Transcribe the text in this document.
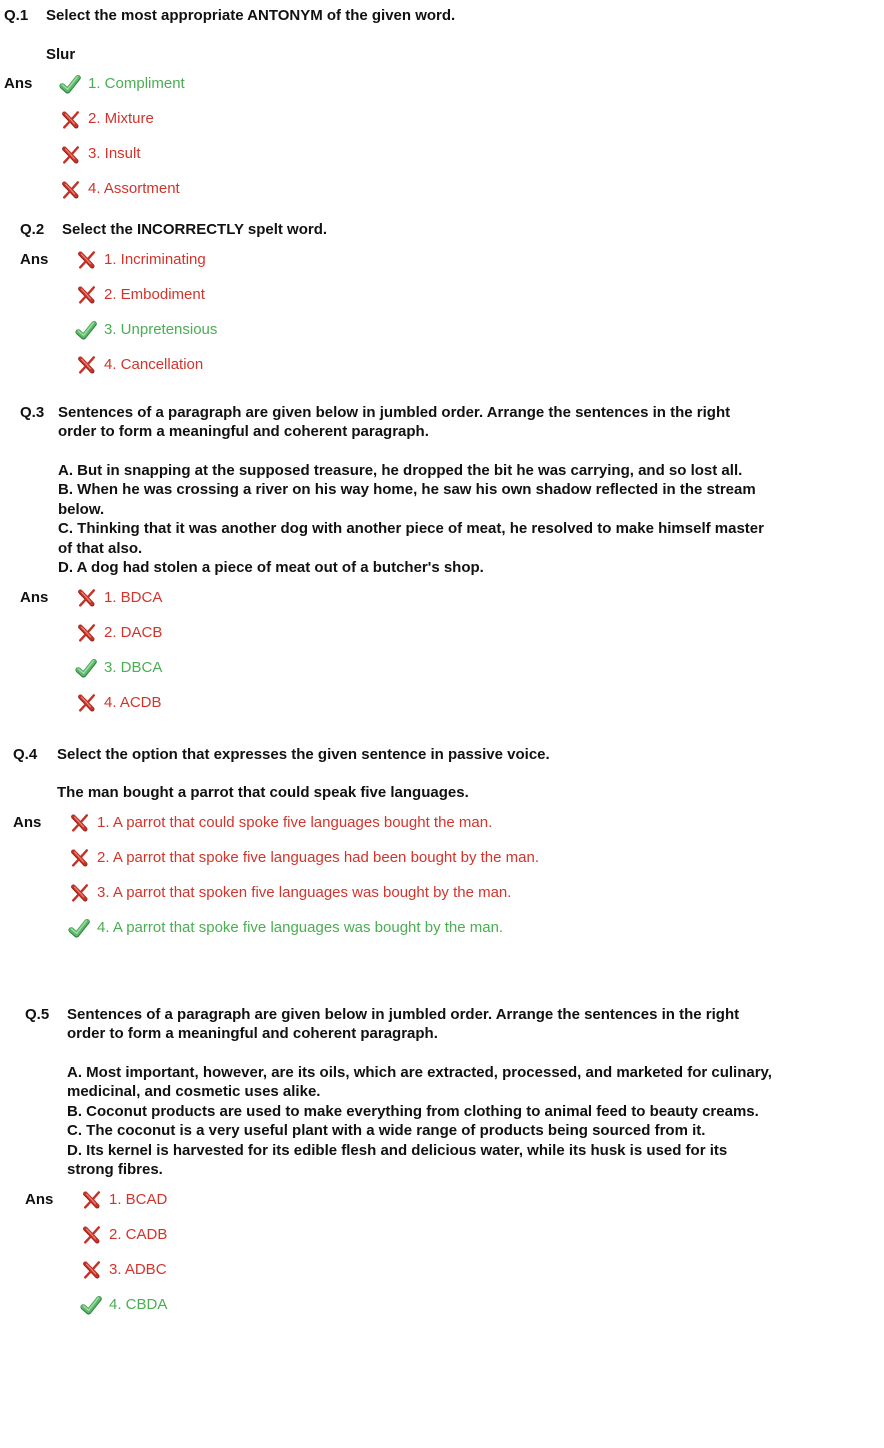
Q.1	Select the most appropriate ANTONYM of the given word.

Slur

Ans	1. Compliment
2. Mixture
3. Insult
4. Assortment
Q.2	Select the INCORRECTLY spelt word.
Ans	1. Incriminating
2. Embodiment
3. Unpretensious
4. Cancellation
Q.3 Sentences of a paragraph are given below in jumbled order. Arrange the sentences in the right order to form a meaningful and coherent paragraph.

A. But in snapping at the supposed treasure, he dropped the bit he was carrying, and so lost all.

B. When he was crossing a river on his way home, he saw his own shadow reflected in the stream below.

C. Thinking that it was another dog with another piece of meat, he resolved to make himself master of that also.

D. A dog had stolen a piece of meat out of a butcher's shop.

Ans	1. BDCA
2. DACB
3. DBCA
4. ACDB
Q.4	Select the option that expresses the given sentence in passive voice.

The man bought a parrot that could speak five languages.

Ans	1. A parrot that could spoke five languages bought the man.
2. A parrot that spoke five languages had been bought by the man.
3. A parrot that spoken five languages was bought by the man.
4. A parrot that spoke five languages was bought by the man.
Q.5	Sentences of a paragraph are given below in jumbled order. Arrange the sentences in the right order to form a meaningful and coherent paragraph.

A. Most important, however, are its oils, which are extracted, processed, and marketed for culinary, medicinal, and cosmetic uses alike.

B. Coconut products are used to make everything from clothing to animal feed to beauty creams.

C. The coconut is a very useful plant with a wide range of products being sourced from it.

D. Its kernel is harvested for its edible flesh and delicious water, while its husk is used for its strong fibres.

Ans	1. BCAD
2. CADB
3. ADBC
4. CBDA
